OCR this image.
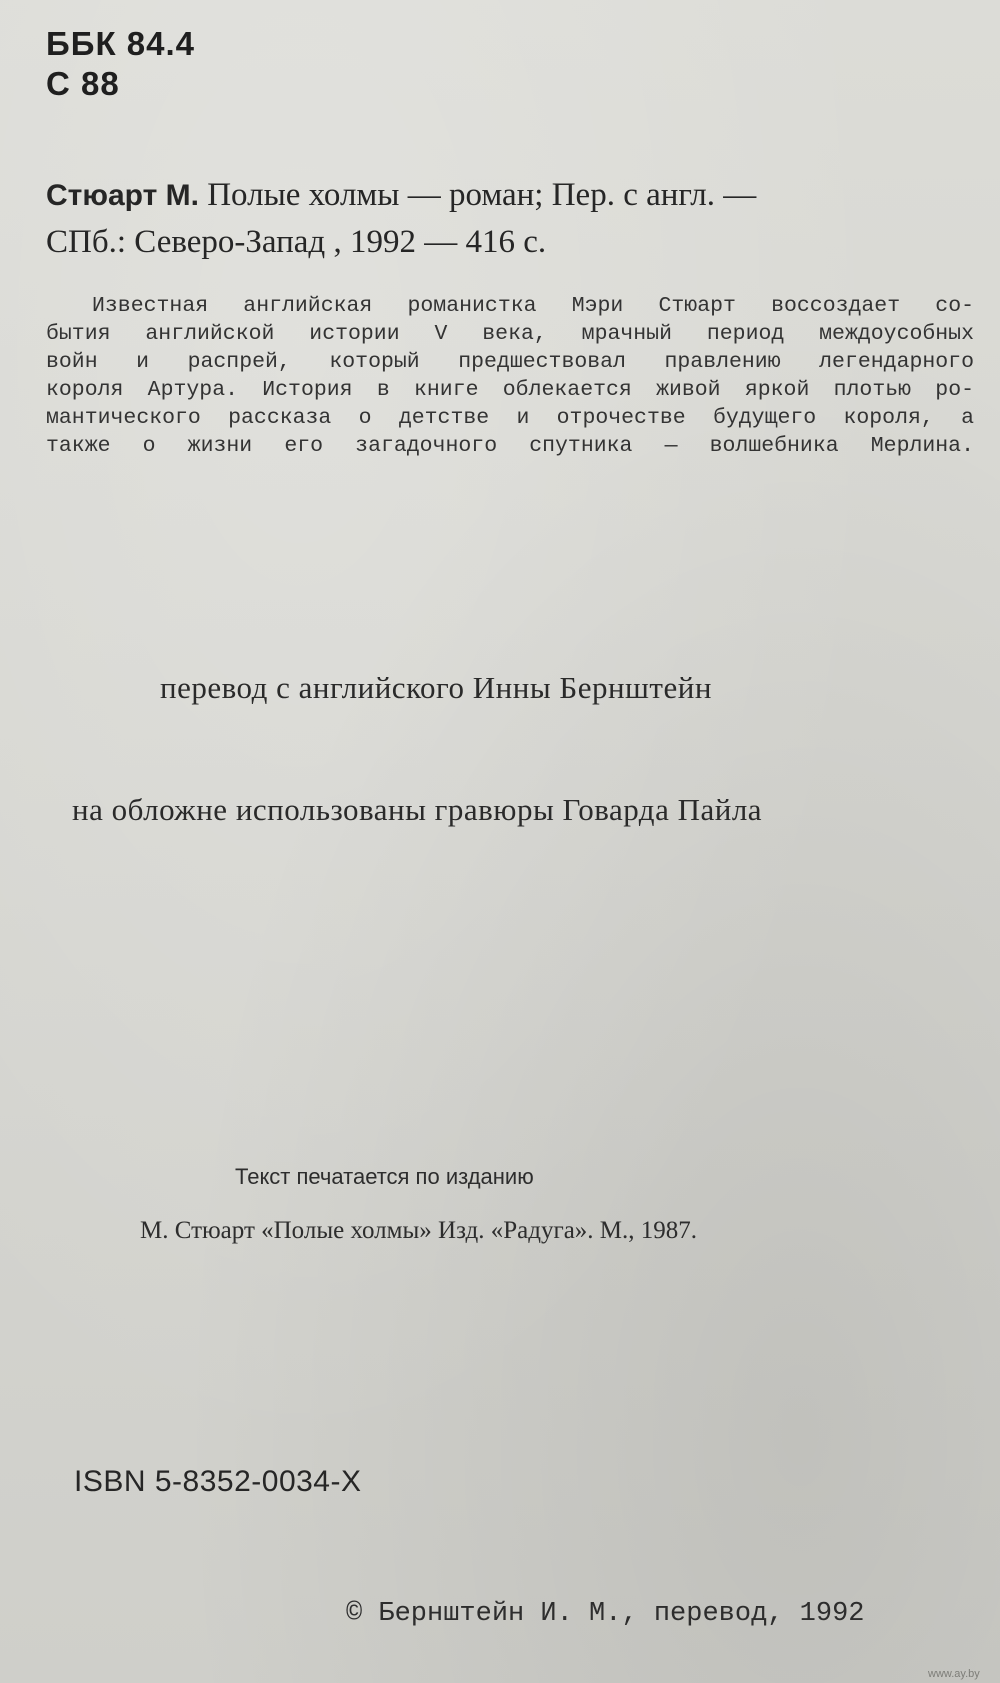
ББК 84.4
С 88
Стюарт М. Полые холмы — роман; Пер. с англ. —
СПб.: Северо-Запад , 1992 — 416 с.

Известная английская романистка Мэри Стюарт воссоздает со-

бытия английской истории V века, мрачный период междоусобных

войн и распрей, который предшествовал правлению легендарного

короля Артура. История в книге облекается живой яркой плотью ро-

мантического рассказа о детстве и отрочестве будущего короля, а

также о жизни его загадочного спутника — волшебника Мерлина.

перевод с английского Инны Бернштейн
на обложне использованы гравюры Говарда Пайла
Текст печатается по изданию
М. Стюарт «Полые холмы» Изд. «Радуга». М., 1987.
ISBN 5-8352-0034-X
© Бернштейн И. М., перевод, 1992
www.ay.by
